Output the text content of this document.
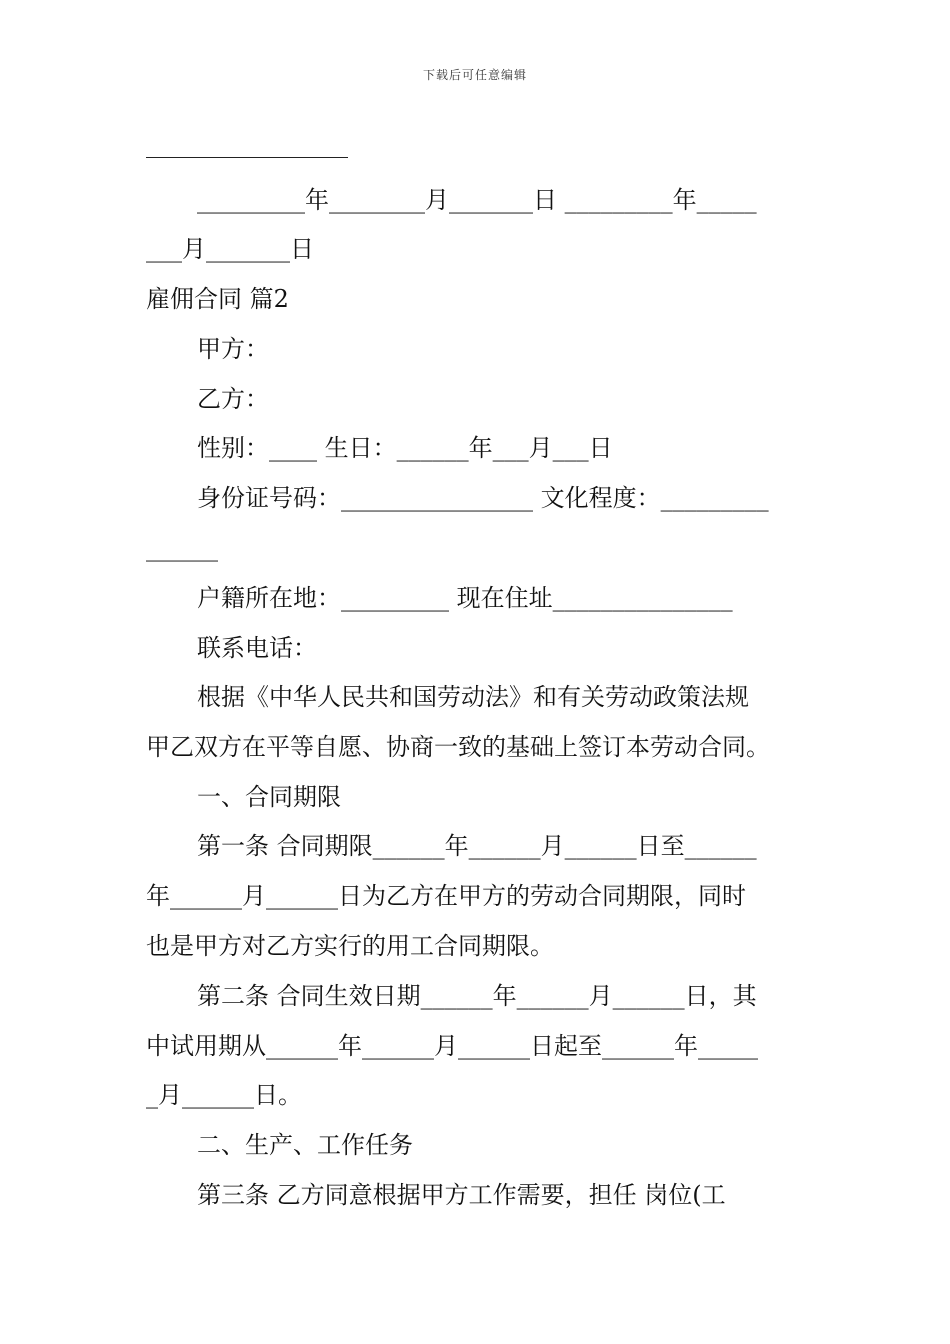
下载后可任意编辑
_________年________月_______日 _________年_____
___月_______日
雇佣合同 篇2
甲方：
乙方：
性别：____ 生日：______年___月___日
身份证号码：________________ 文化程度：_________
______
户籍所在地：_________ 现在住址_______________
联系电话：
根据《中华人民共和国劳动法》和有关劳动政策法规
甲乙双方在平等自愿、协商一致的基础上签订本劳动合同。
一、合同期限
第一条 合同期限______年______月______日至______
年______月______日为乙方在甲方的劳动合同期限，同时
也是甲方对乙方实行的用工合同期限。
第二条 合同生效日期______年______月______日，其
中试用期从______年______月______日起至______年_____
_月______日。
二、生产、工作任务
第三条 乙方同意根据甲方工作需要，担任 岗位(工
